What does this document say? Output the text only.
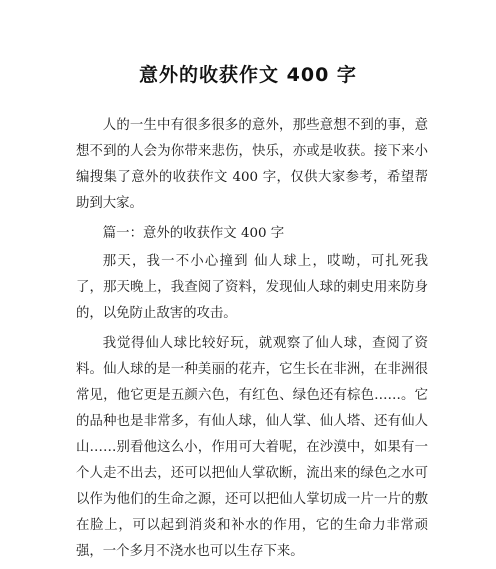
意外的收获作文 400 字

人的一生中有很多很多的意外，那些意想不到的事，意想不到的人会为你带来悲伤，快乐，亦或是收获。接下来小编搜集了意外的收获作文 400 字，仅供大家参考，希望帮助到大家。

篇一：意外的收获作文 400 字

那天，我一不小心撞到 仙人球上，哎呦，可扎死我了，那天晚上，我查阅了资料，发现仙人球的刺史用来防身的，以免防止敌害的攻击。

我觉得仙人球比较好玩，就观察了仙人球，查阅了资料。仙人球的是一种美丽的花卉，它生长在非洲，在非洲很常见，他它更是五颜六色，有红色、绿色还有棕色……。它的品种也是非常多，有仙人球，仙人掌、仙人塔、还有仙人山……别看他这么小，作用可大着呢，在沙漠中，如果有一个人走不出去，还可以把仙人掌砍断，流出来的绿色之水可以作为他们的生命之源，还可以把仙人掌切成一片一片的敷在脸上，可以起到消炎和补水的作用，它的生命力非常顽强，一个多月不浇水也可以生存下来。
